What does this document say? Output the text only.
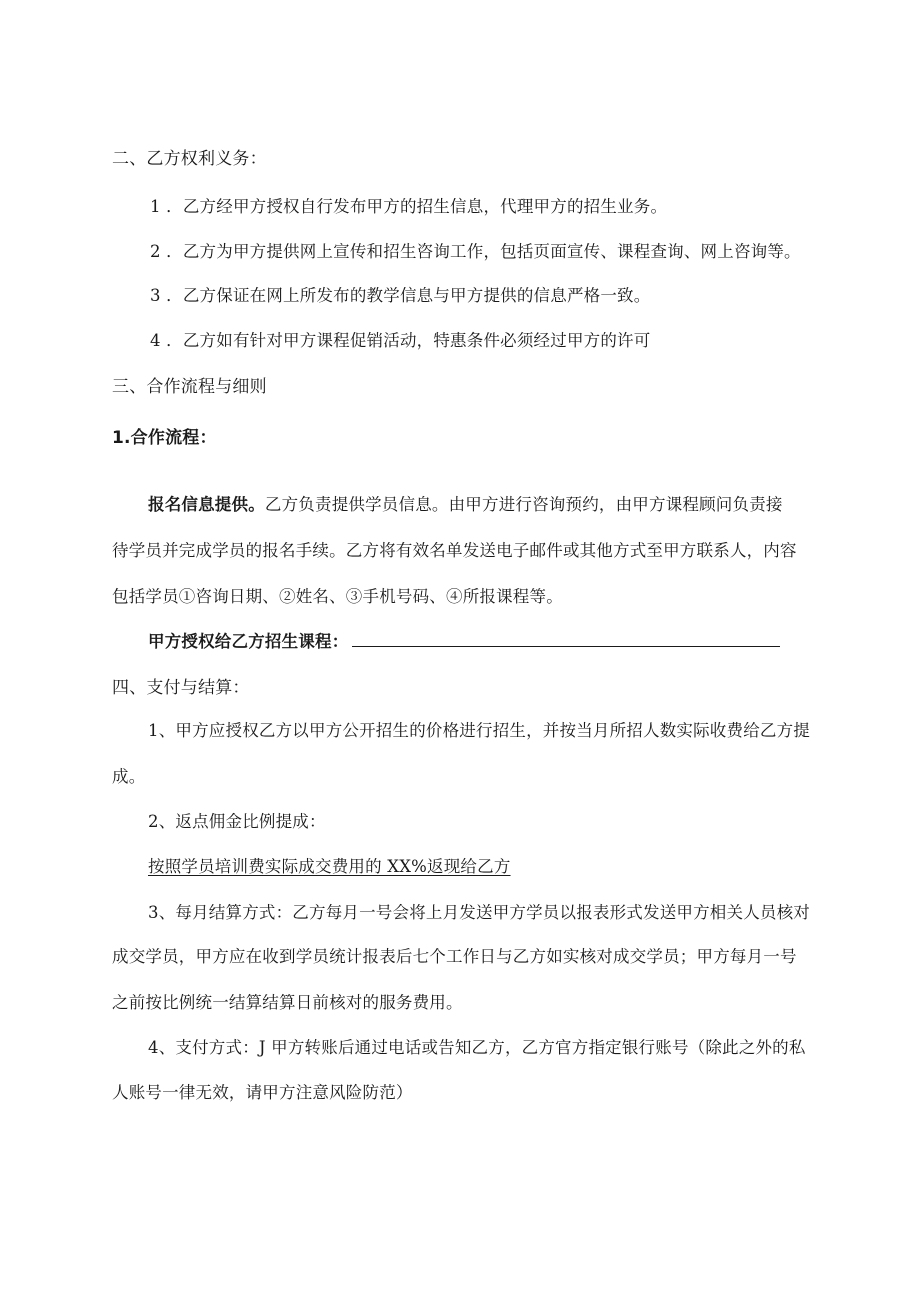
二、乙方权利义务：
1 ．乙方经甲方授权自行发布甲方的招生信息，代理甲方的招生业务。
2 ．乙方为甲方提供网上宣传和招生咨询工作，包括页面宣传、课程查询、网上咨询等。
3 ．乙方保证在网上所发布的教学信息与甲方提供的信息严格一致。
4 ．乙方如有针对甲方课程促销活动，特惠条件必须经过甲方的许可
三、合作流程与细则
1.合作流程：
报名信息提供。乙方负责提供学员信息。由甲方进行咨询预约，由甲方课程顾问负责接
待学员并完成学员的报名手续。乙方将有效名单发送电子邮件或其他方式至甲方联系人，内容
包括学员①咨询日期、②姓名、③手机号码、④所报课程等。
甲方授权给乙方招生课程：
四、支付与结算：
1、甲方应授权乙方以甲方公开招生的价格进行招生，并按当月所招人数实际收费给乙方提
成。
2、返点佣金比例提成：
按照学员培训费实际成交费用的 XX%返现给乙方
3、每月结算方式：乙方每月一号会将上月发送甲方学员以报表形式发送甲方相关人员核对
成交学员，甲方应在收到学员统计报表后七个工作日与乙方如实核对成交学员；甲方每月一号
之前按比例统一结算结算日前核对的服务费用。
4、支付方式：J 甲方转账后通过电话或告知乙方，乙方官方指定银行账号（除此之外的私
人账号一律无效，请甲方注意风险防范）
